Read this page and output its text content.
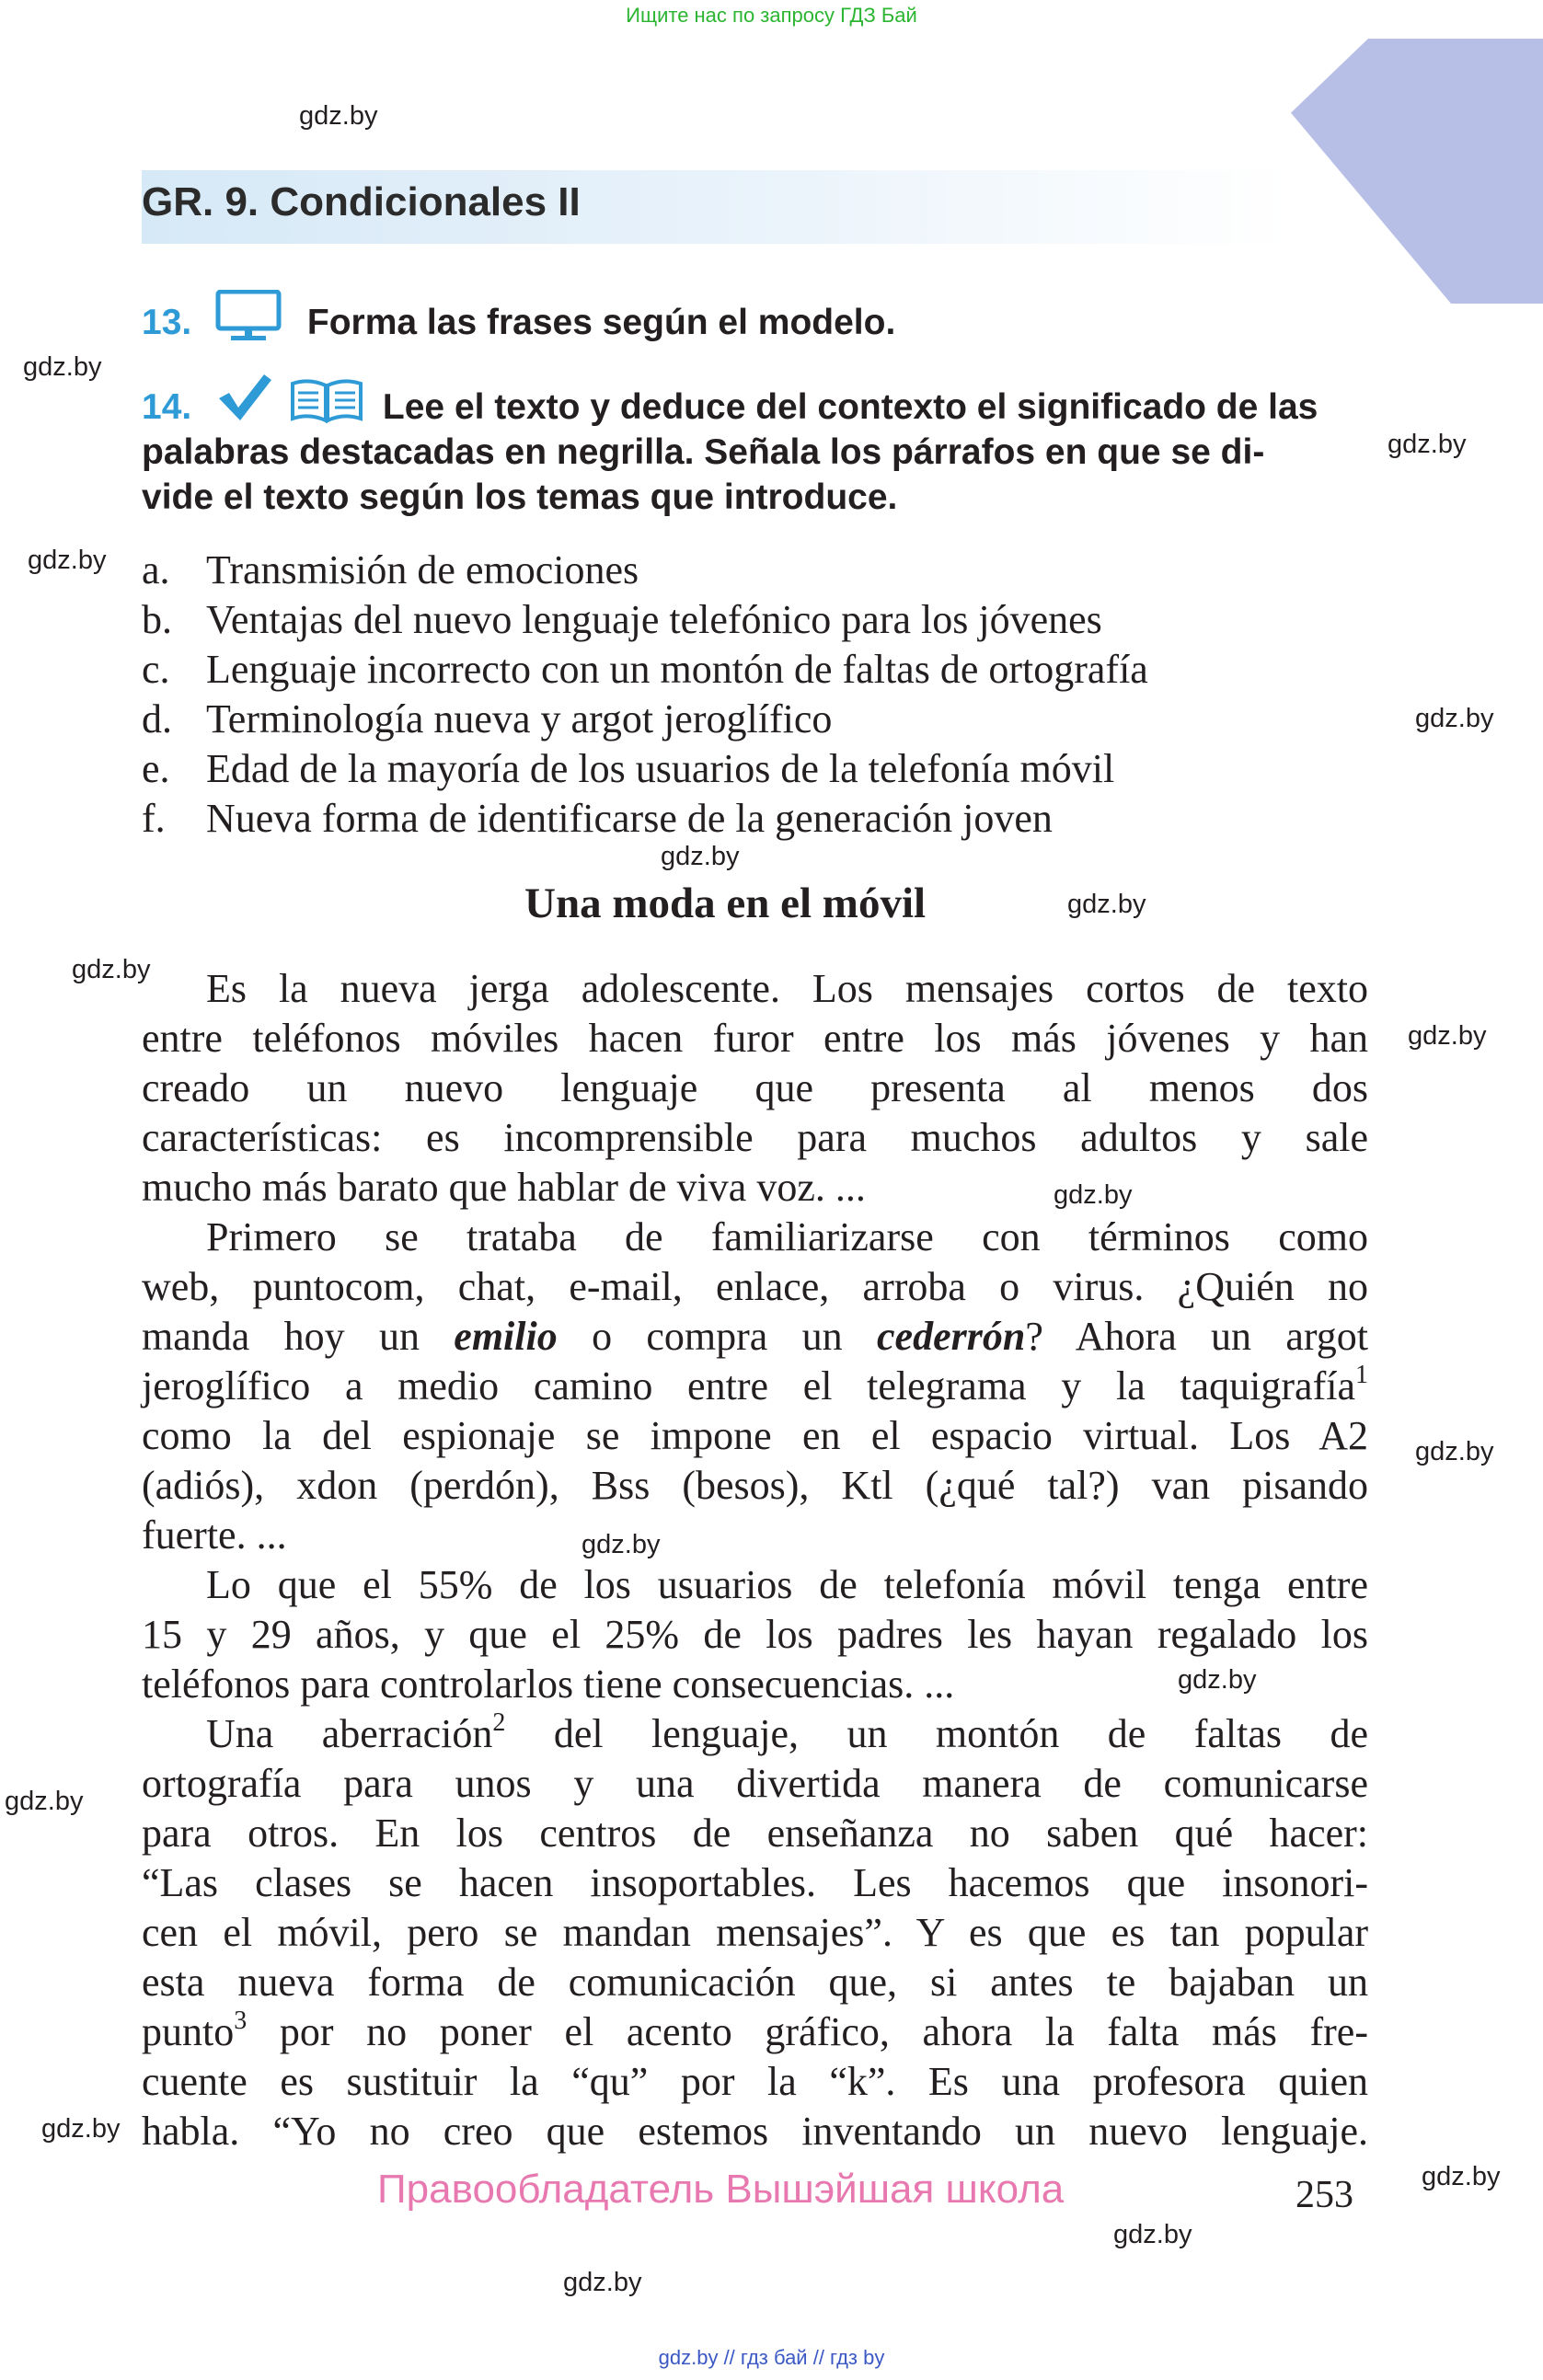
Ищите нас по запросу ГДЗ Бай
gdz.by
gdz.by
gdz.by
gdz.by
gdz.by
gdz.by
gdz.by
gdz.by
gdz.by
gdz.by
gdz.by
gdz.by
gdz.by
gdz.by
gdz.by
gdz.by
gdz.by
gdz.by
GR. 9. Condicionales II
13.	Forma las frases según el modelo.
14.	Lee el texto y deduce del contexto el significado de las
palabras destacadas en negrilla. Señala los párrafos en que se di-
vide el texto según los temas que introduce.
a. Transmisión de emociones
b. Ventajas del nuevo lenguaje telefónico para los jóvenes
c. Lenguaje incorrecto con un montón de faltas de ortografía
d. Terminología nueva y argot jeroglífico
e. Edad de la mayoría de los usuarios de la telefonía móvil
f. Nueva forma de identificarse de la generación joven
Una moda en el móvil
Es la nueva jerga adolescente. Los mensajes cortos de texto
entre teléfonos móviles hacen furor entre los más jóvenes y han
creado un nuevo lenguaje que presenta al menos dos
características: es incomprensible para muchos adultos y sale
mucho más barato que hablar de viva voz. ...
Primero se trataba de familiarizarse con términos como
web, puntocom, chat, e-mail, enlace, arroba o virus. ¿Quién no
manda hoy un emilio o compra un cederrón? Ahora un argot
jeroglífico a medio camino entre el telegrama y la taquigrafía$^1$
como la del espionaje se impone en el espacio virtual. Los A2
(adiós), xdon (perdón), Bss (besos), Ktl (¿qué tal?) van pisando
fuerte. ...
Lo que el 55% de los usuarios de telefonía móvil tenga entre
15 y 29 años, y que el 25% de los padres les hayan regalado los
teléfonos para controlarlos tiene consecuencias. ...
Una aberración$^2$ del lenguaje, un montón de faltas de
ortografía para unos y una divertida manera de comunicarse
para otros. En los centros de enseñanza no saben qué hacer:
“Las clases se hacen insoportables. Les hacemos que insonori-
cen el móvil, pero se mandan mensajes”. Y es que es tan popular
esta nueva forma de comunicación que, si antes te bajaban un
punto$^3$ por no poner el acento gráfico, ahora la falta más fre-
cuente es sustituir la “qu” por la “k”. Es una profesora quien
habla. “Yo no creo que estemos inventando un nuevo lenguaje.
Правообладатель Вышэйшая школа	253
gdz.by // гдз бай // гдз by
